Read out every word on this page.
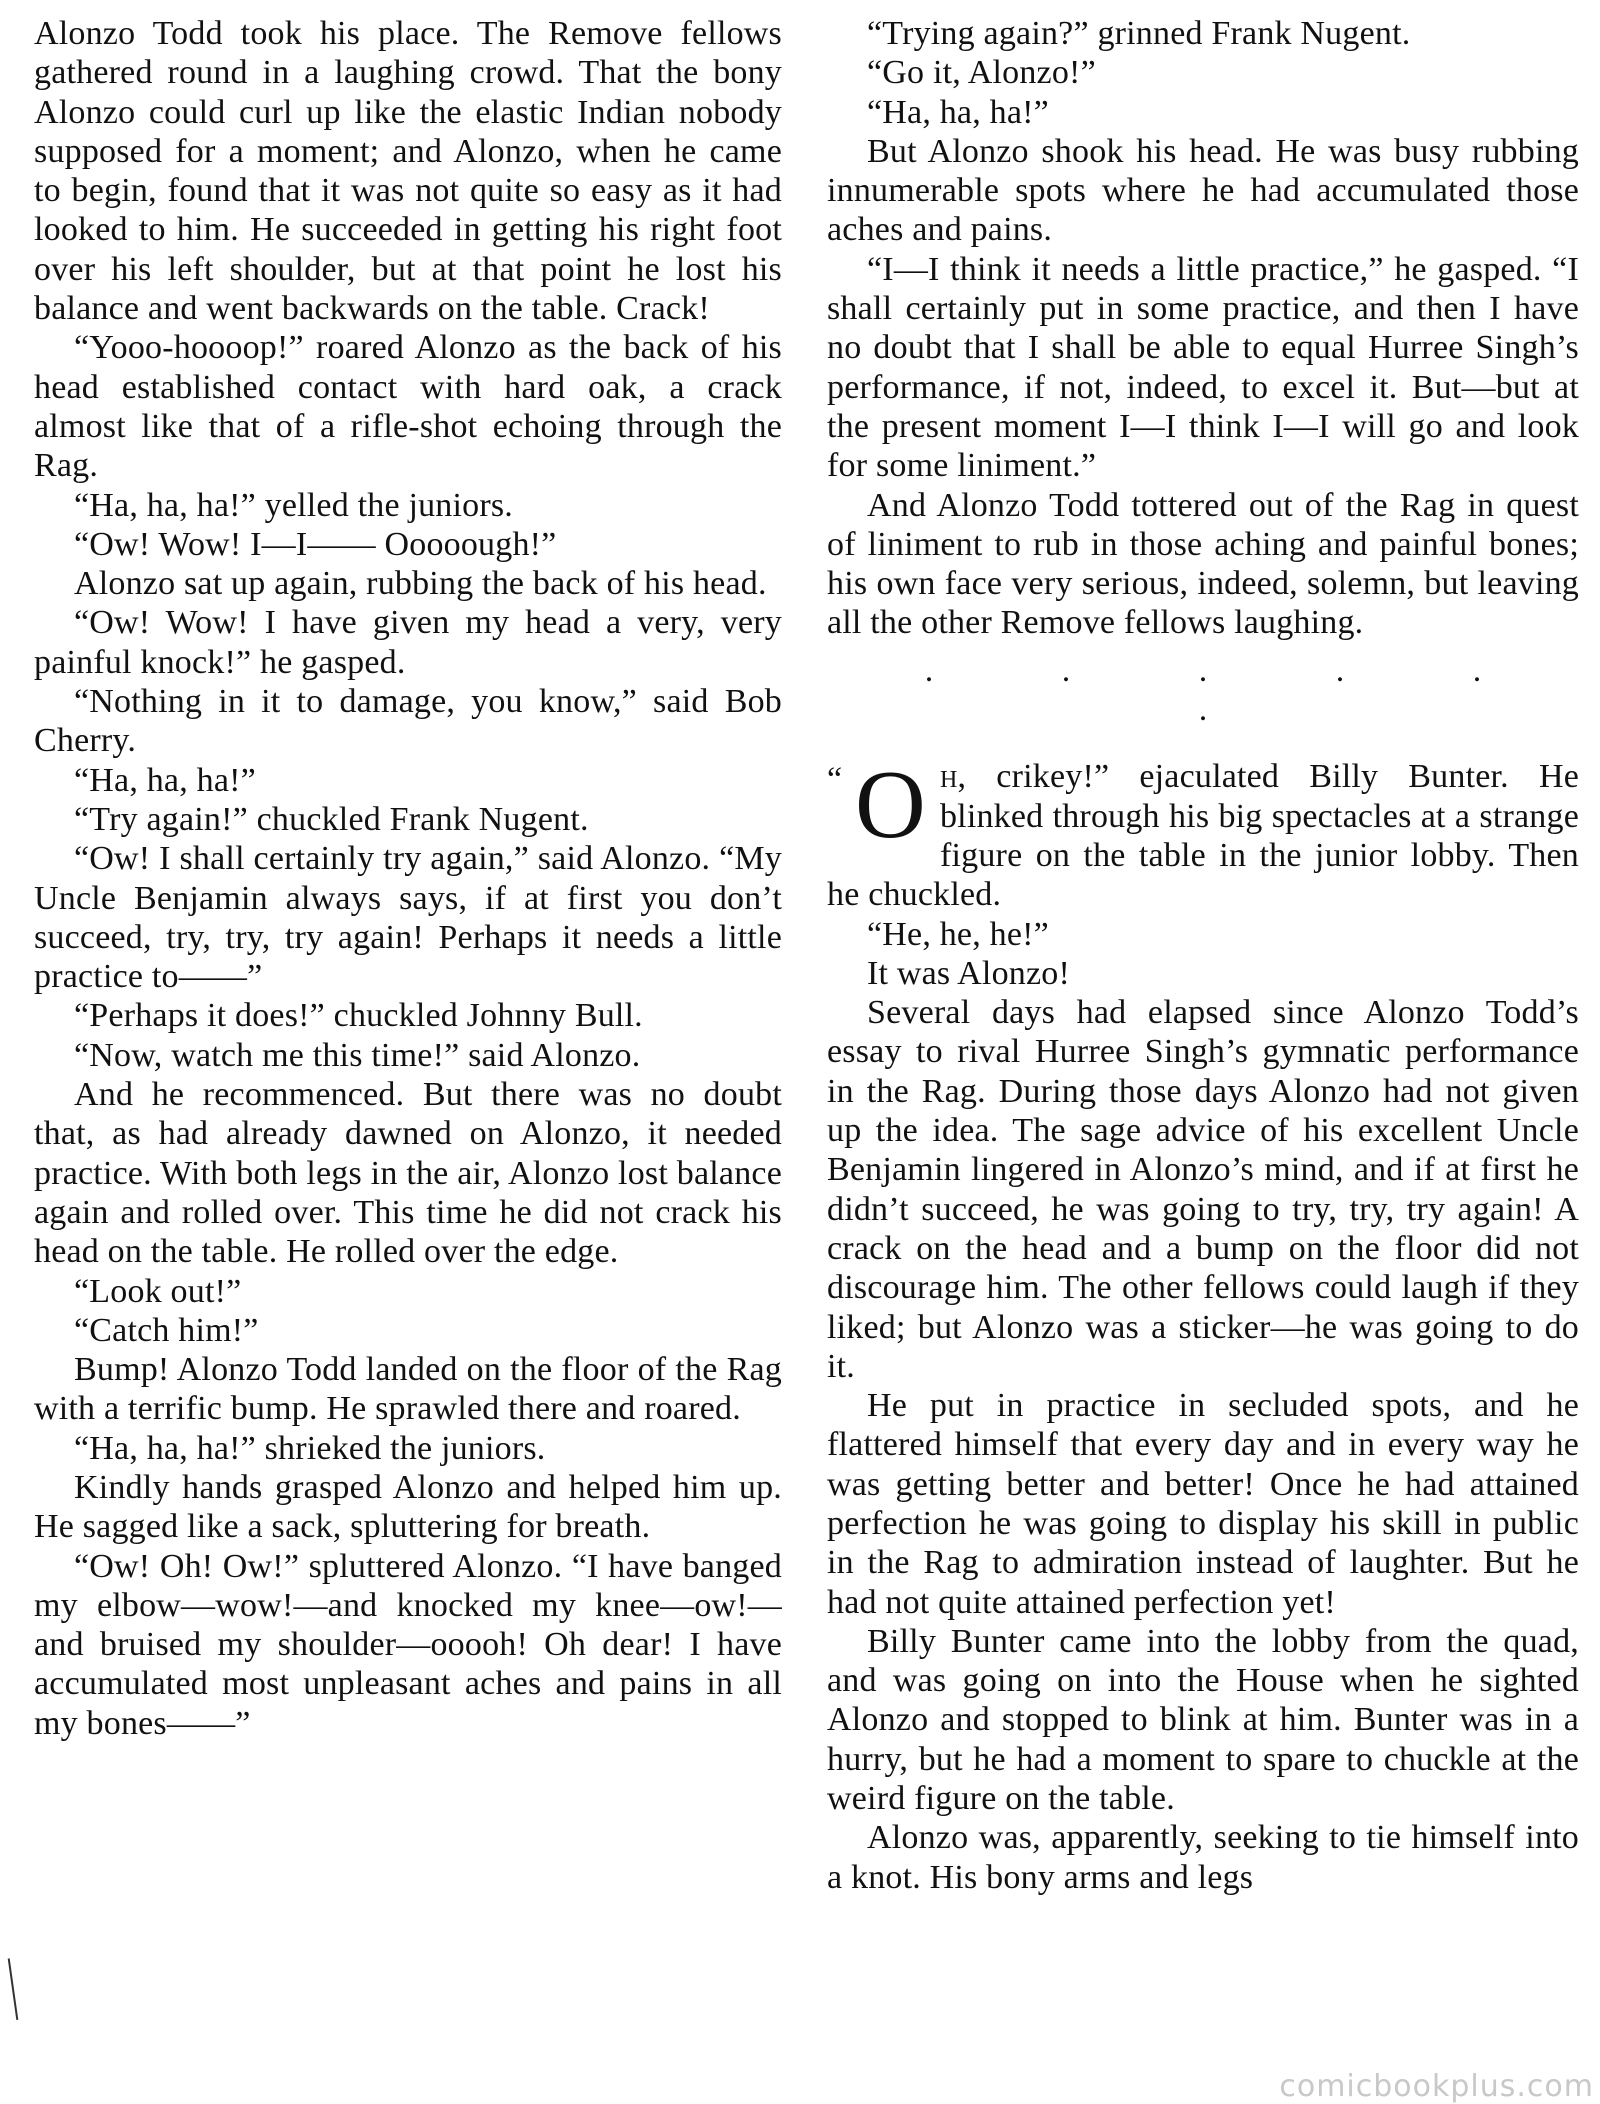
Alonzo Todd took his place. The Remove fellows gathered round in a laughing crowd. That the bony Alonzo could curl up like the elastic Indian nobody supposed for a moment; and Alonzo, when he came to begin, found that it was not quite so easy as it had looked to him. He succeeded in getting his right foot over his left shoulder, but at that point he lost his balance and went backwards on the table. Crack!

“Yooo-hoooop!” roared Alonzo as the back of his head established contact with hard oak, a crack almost like that of a rifle-shot echoing through the Rag.

“Ha, ha, ha!” yelled the juniors.

“Ow! Wow! I—I—— Ooooough!”

Alonzo sat up again, rubbing the back of his head.

“Ow! Wow! I have given my head a very, very painful knock!” he gasped.

“Nothing in it to damage, you know,” said Bob Cherry.

“Ha, ha, ha!”

“Try again!” chuckled Frank Nugent.

“Ow! I shall certainly try again,” said Alonzo. “My Uncle Benjamin always says, if at first you don’t succeed, try, try, try again! Perhaps it needs a little practice to——”

“Perhaps it does!” chuckled Johnny Bull.

“Now, watch me this time!” said Alonzo.

And he recommenced. But there was no doubt that, as had already dawned on Alonzo, it needed practice. With both legs in the air, Alonzo lost balance again and rolled over. This time he did not crack his head on the table. He rolled over the edge.

“Look out!”

“Catch him!”

Bump! Alonzo Todd landed on the floor of the Rag with a terrific bump. He sprawled there and roared.

“Ha, ha, ha!” shrieked the juniors.

Kindly hands grasped Alonzo and helped him up. He sagged like a sack, spluttering for breath.

“Ow! Oh! Ow!” spluttered Alonzo. “I have banged my elbow—wow!—and knocked my knee—ow!—and bruised my shoulder—ooooh! Oh dear! I have accumulated most unpleasant aches and pains in all my bones——”

“Trying again?” grinned Frank Nugent.

“Go it, Alonzo!”

“Ha, ha, ha!”

But Alonzo shook his head. He was busy rubbing innumerable spots where he had accumulated those aches and pains.

“I—I think it needs a little practice,” he gasped. “I shall certainly put in some practice, and then I have no doubt that I shall be able to equal Hurree Singh’s performance, if not, indeed, to excel it. But—but at the present moment I—I think I—I will go and look for some liniment.”

And Alonzo Todd tottered out of the Rag in quest of liniment to rub in those aching and painful bones; his own face very serious, indeed, solemn, but leaving all the other Remove fellows laughing.

. . . . . .

“ O h, crikey!” ejaculated Billy Bunter. He blinked through his big spectacles at a strange figure on the table in the junior lobby. Then he chuckled.

“He, he, he!”

It was Alonzo!

Several days had elapsed since Alonzo Todd’s essay to rival Hurree Singh’s gymnatic performance in the Rag. During those days Alonzo had not given up the idea. The sage advice of his excellent Uncle Benjamin lingered in Alonzo’s mind, and if at first he didn’t succeed, he was going to try, try, try again! A crack on the head and a bump on the floor did not discourage him. The other fellows could laugh if they liked; but Alonzo was a sticker—he was going to do it.

He put in practice in secluded spots, and he flattered himself that every day and in every way he was getting better and better! Once he had attained perfection he was going to display his skill in public in the Rag to admiration instead of laughter. But he had not quite attained perfection yet!

Billy Bunter came into the lobby from the quad, and was going on into the House when he sighted Alonzo and stopped to blink at him. Bunter was in a hurry, but he had a moment to spare to chuckle at the weird figure on the table.

Alonzo was, apparently, seeking to tie himself into a knot. His bony arms and legs

comicbookplus.com
